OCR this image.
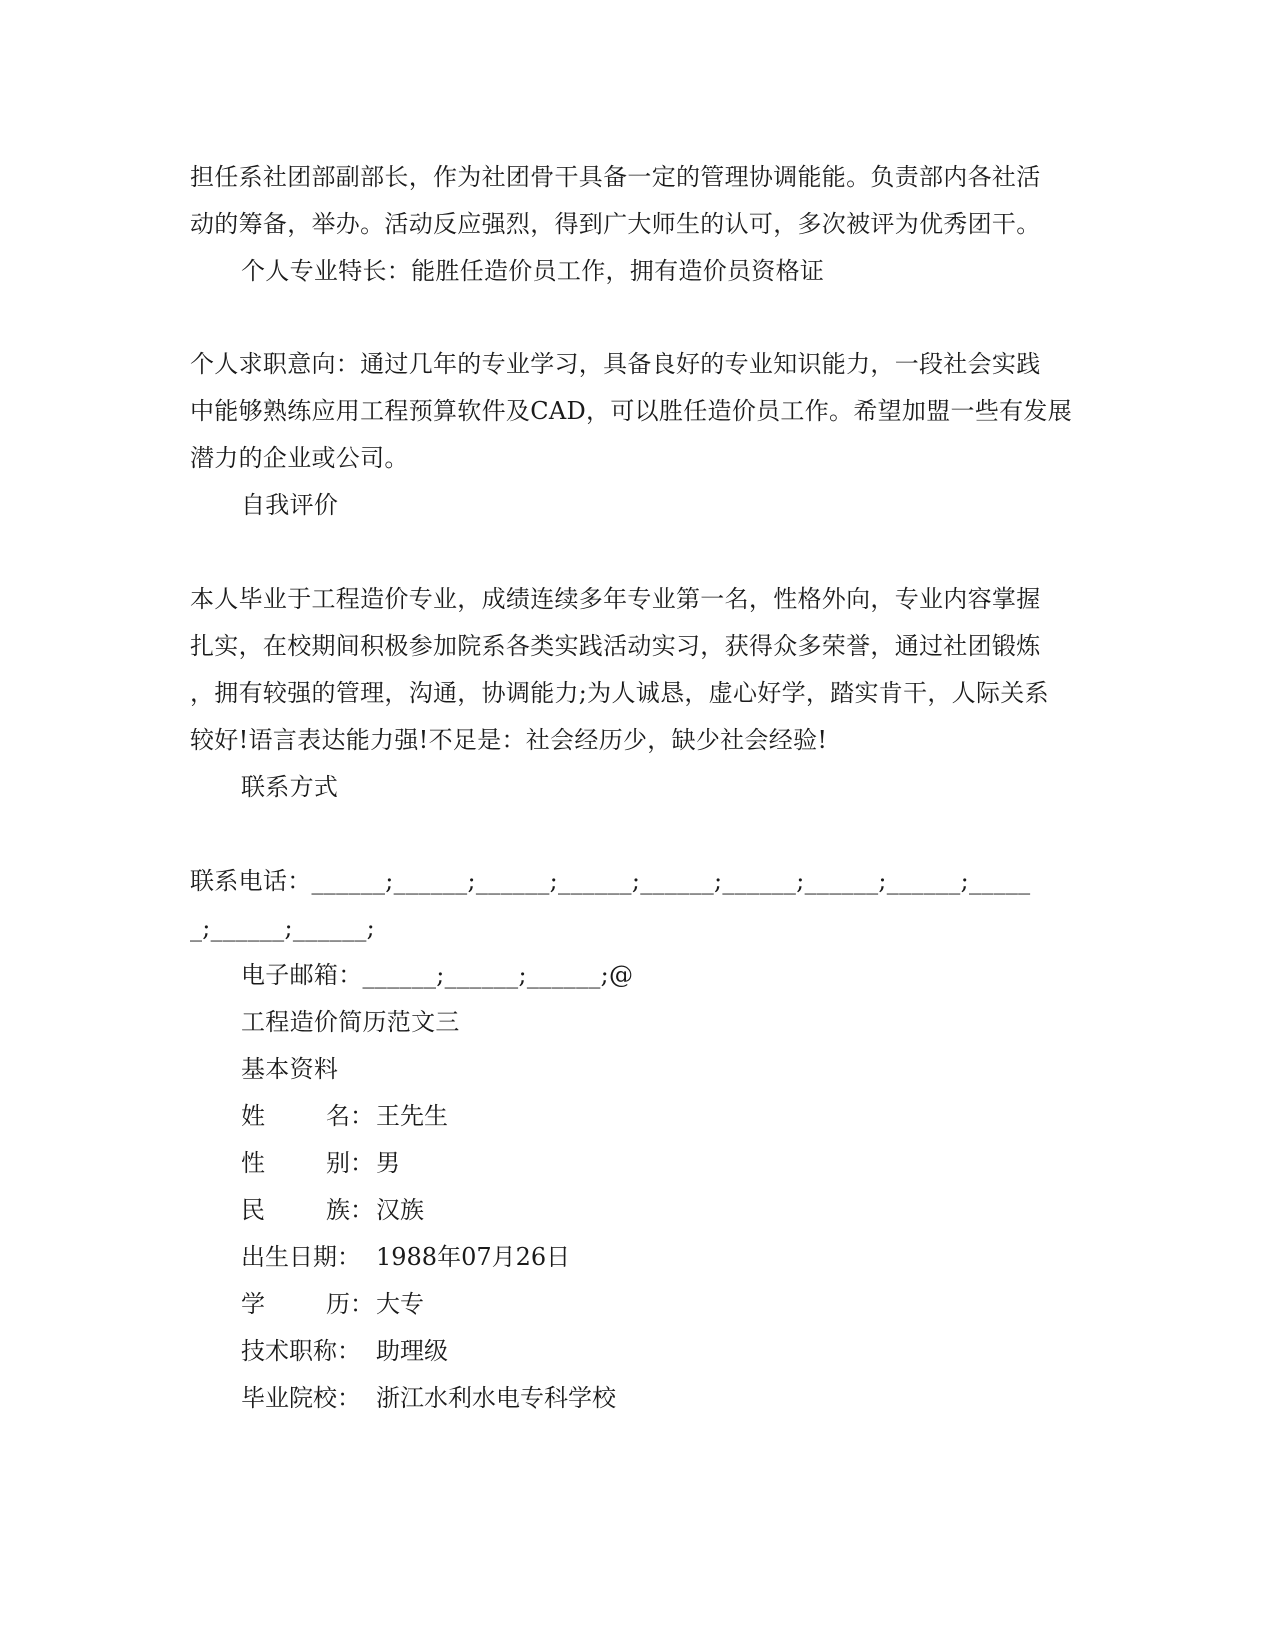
担任系社团部副部长，作为社团骨干具备一定的管理协调能能。负责部内各社活
动的筹备，举办。活动反应强烈，得到广大师生的认可，多次被评为优秀团干。
个人专业特长：能胜任造价员工作，拥有造价员资格证
个人求职意向：通过几年的专业学习，具备良好的专业知识能力，一段社会实践
中能够熟练应用工程预算软件及CAD，可以胜任造价员工作。希望加盟一些有发展
潜力的企业或公司。
自我评价
本人毕业于工程造价专业，成绩连续多年专业第一名，性格外向，专业内容掌握
扎实，在校期间积极参加院系各类实践活动实习，获得众多荣誉，通过社团锻炼
，拥有较强的管理，沟通，协调能力;为人诚恳，虚心好学，踏实肯干，人际关系
较好!语言表达能力强!不足是：社会经历少，缺少社会经验!
联系方式
联系电话：______;______;______;______;______;______;______;______;_____
_;______;______;
电子邮箱：______;______;______;@
工程造价简历范文三
基本资料
姓        名： 王先生
性        别： 男
民        族： 汉族
出生日期： 1988年07月26日
学        历： 大专
技术职称： 助理级
毕业院校： 浙江水利水电专科学校
